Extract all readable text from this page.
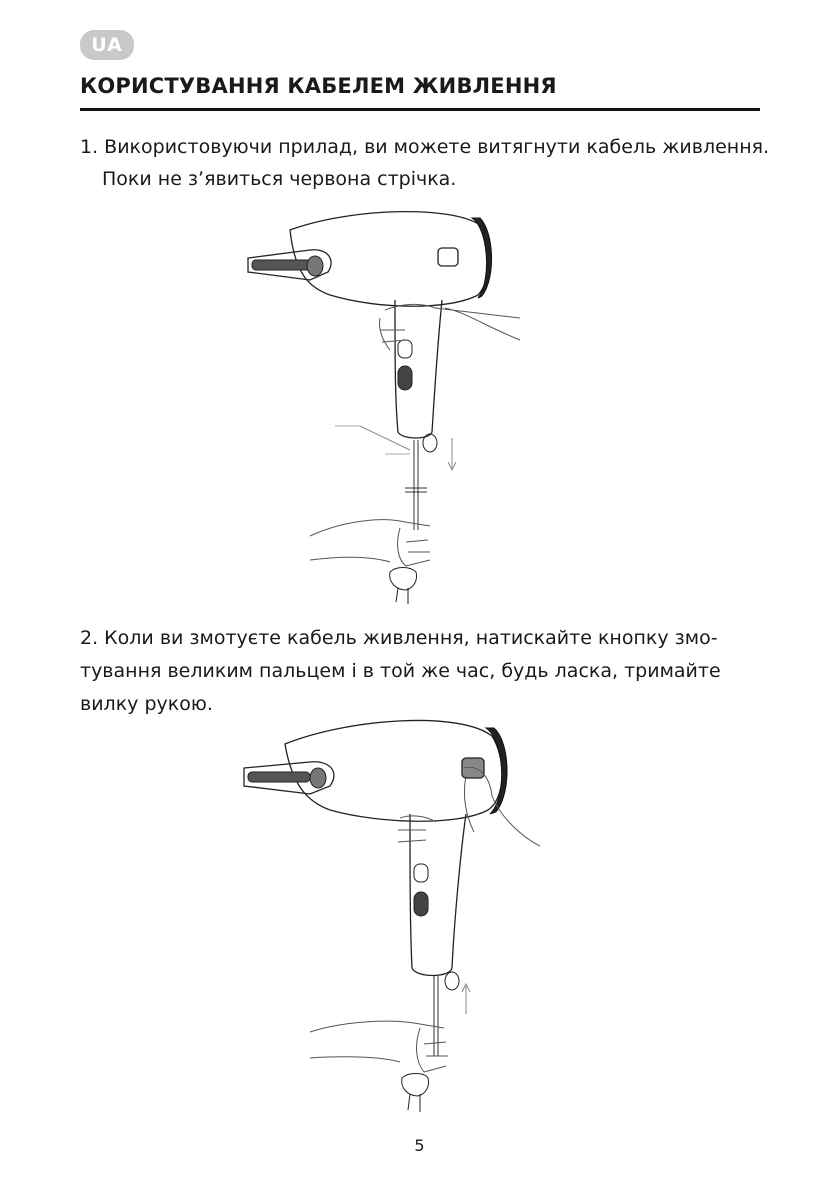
UA
КОРИСТУВАННЯ КАБЕЛЕМ ЖИВЛЕННЯ
1. Використовуючи прилад, ви можете витягнути кабель живлення.
Поки не з’явиться червона стрічка.
2. Коли ви змотуєте кабель живлення, натискайте кнопку змо-
тування великим пальцем і в той же час, будь ласка, тримайте
вилку рукою.
5
